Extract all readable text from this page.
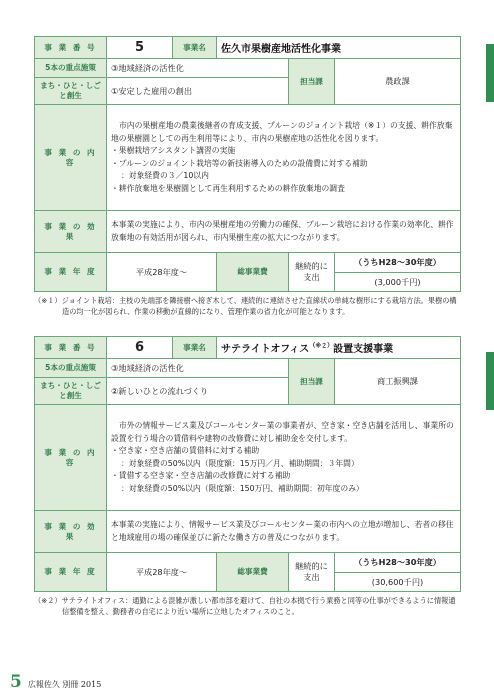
事 業 番 号	5	事業名	佐久市果樹産地活性化事業		
5本の重点施策	③地域経済の活性化			担当課	農政課
まち・ひと・しごと創生	①安定した雇用の創出				
事 業 の 内 容	市内の果樹産地の農業後継者の育成支援、プルーンのジョイント栽培（※１）の支援、耕作放棄地の果樹園としての再生利用等により、市内の果樹産地の活性化を図ります。
・果樹栽培アシスタント講習の実施
・プルーンのジョイント栽培等の新技術導入のための設備費に対する補助
：対象経費の３／10以内
・耕作放棄地を果樹園として再生利用するための耕作放棄地の調査				

事 業 の 効 果	本事業の実施により、市内の果樹産地の労働力の確保、プルーン栽培における作業の効率化、耕作放棄地の有効活用が図られ、市内果樹生産の拡大につながります。				
事 業 年 度	平成28年度〜		総事業費	継続的に支出	（うちH28〜30年度）
(3,000千円)

（※１）ジョイント栽培：主枝の先端部を隣接樹へ接ぎ木して、連続的に連結させた直線状の単純な樹形にする栽培方法。果樹の構造の均一化が図られ、作業の移動が直線的になり、管理作業の省力化が可能となります。

事 業 番 号	6	事業名	サテライトオフィス$^{(※2)}$設置支援事業		
5本の重点施策	③地域経済の活性化			担当課	商工振興課
まち・ひと・しごと創生	②新しいひとの流れづくり				
事 業 の 内 容	市外の情報サービス業及びコールセンター業の事業者が、空き家・空き店舗を活用し、事業所の設置を行う場合の賃借料や建物の改修費に対し補助金を交付します。
・空き家・空き店舗の賃借料に対する補助
：対象経費の50%以内（限度額：15万円／月、補助期間：３年間）
・賃借する空き家・空き店舗の改修費に対する補助
：対象経費の50%以内（限度額：150万円、補助期間：初年度のみ）				

事 業 の 効 果	本事業の実施により、情報サービス業及びコールセンター業の市内への立地が増加し、若者の移住と地域雇用の場の確保並びに新たな働き方の普及につながります。				
事 業 年 度	平成28年度〜		総事業費	継続的に支出	（うちH28〜30年度）
(30,600千円)

（※２）サテライトオフィス：通勤による混雑が激しい都市部を避けて、自社の本拠で行う業務と同等の仕事ができるように情報通信整備を整え、勤務者の自宅により近い場所に立地したオフィスのこと。

5 広報佐久 別冊 2015
